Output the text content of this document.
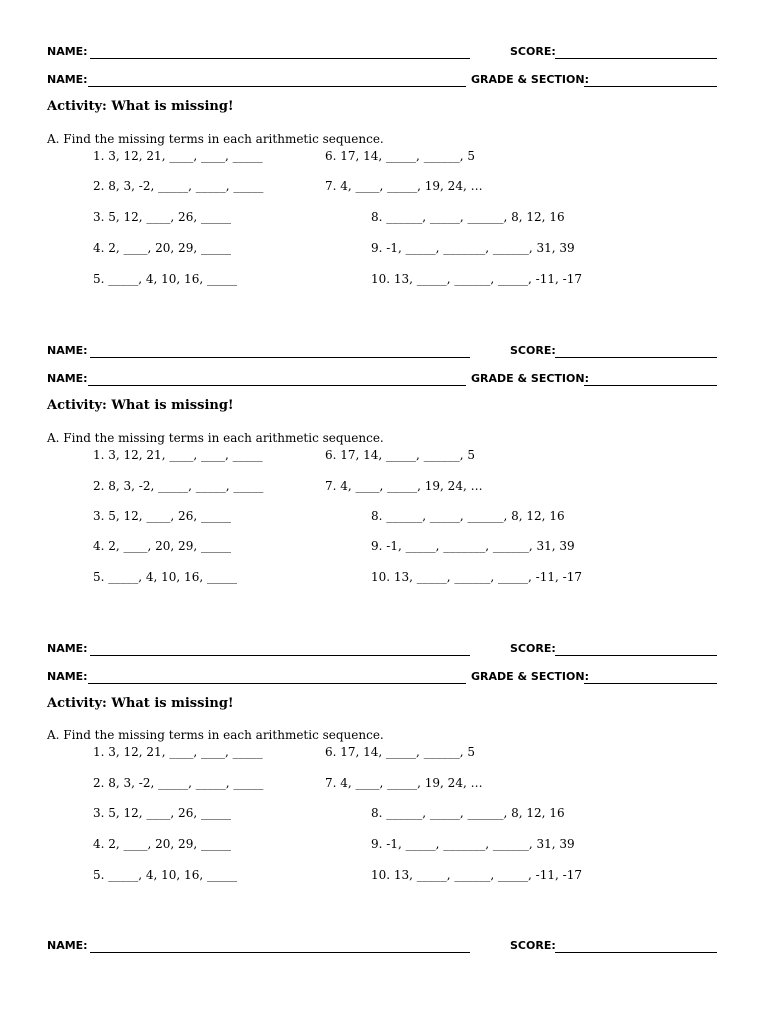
NAME:	SCORE:
NAME:	GRADE & SECTION:
Activity: What is missing!
A. Find the missing terms in each arithmetic sequence.
1. 3, 12, 21, ____, ____, _____
2. 8, 3, -2, _____, _____, _____
3. 5, 12, ____, 26, _____
4. 2, ____, 20, 29, _____
5. _____, 4, 10, 16, _____
6. 17, 14, _____, ______, 5
7. 4, ____, _____, 19, 24, …
8. ______, _____, ______, 8, 12, 16
9. -1, _____, _______, ______, 31, 39
10. 13, _____, ______, _____, -11, -17
NAME:	SCORE:
NAME:	GRADE & SECTION:
Activity: What is missing!
A. Find the missing terms in each arithmetic sequence.
1. 3, 12, 21, ____, ____, _____
2. 8, 3, -2, _____, _____, _____
3. 5, 12, ____, 26, _____
4. 2, ____, 20, 29, _____
5. _____, 4, 10, 16, _____
6. 17, 14, _____, ______, 5
7. 4, ____, _____, 19, 24, …
8. ______, _____, ______, 8, 12, 16
9. -1, _____, _______, ______, 31, 39
10. 13, _____, ______, _____, -11, -17
NAME:	SCORE:
NAME:	GRADE & SECTION:
Activity: What is missing!
A. Find the missing terms in each arithmetic sequence.
1. 3, 12, 21, ____, ____, _____
2. 8, 3, -2, _____, _____, _____
3. 5, 12, ____, 26, _____
4. 2, ____, 20, 29, _____
5. _____, 4, 10, 16, _____
6. 17, 14, _____, ______, 5
7. 4, ____, _____, 19, 24, …
8. ______, _____, ______, 8, 12, 16
9. -1, _____, _______, ______, 31, 39
10. 13, _____, ______, _____, -11, -17
NAME:	SCORE:
